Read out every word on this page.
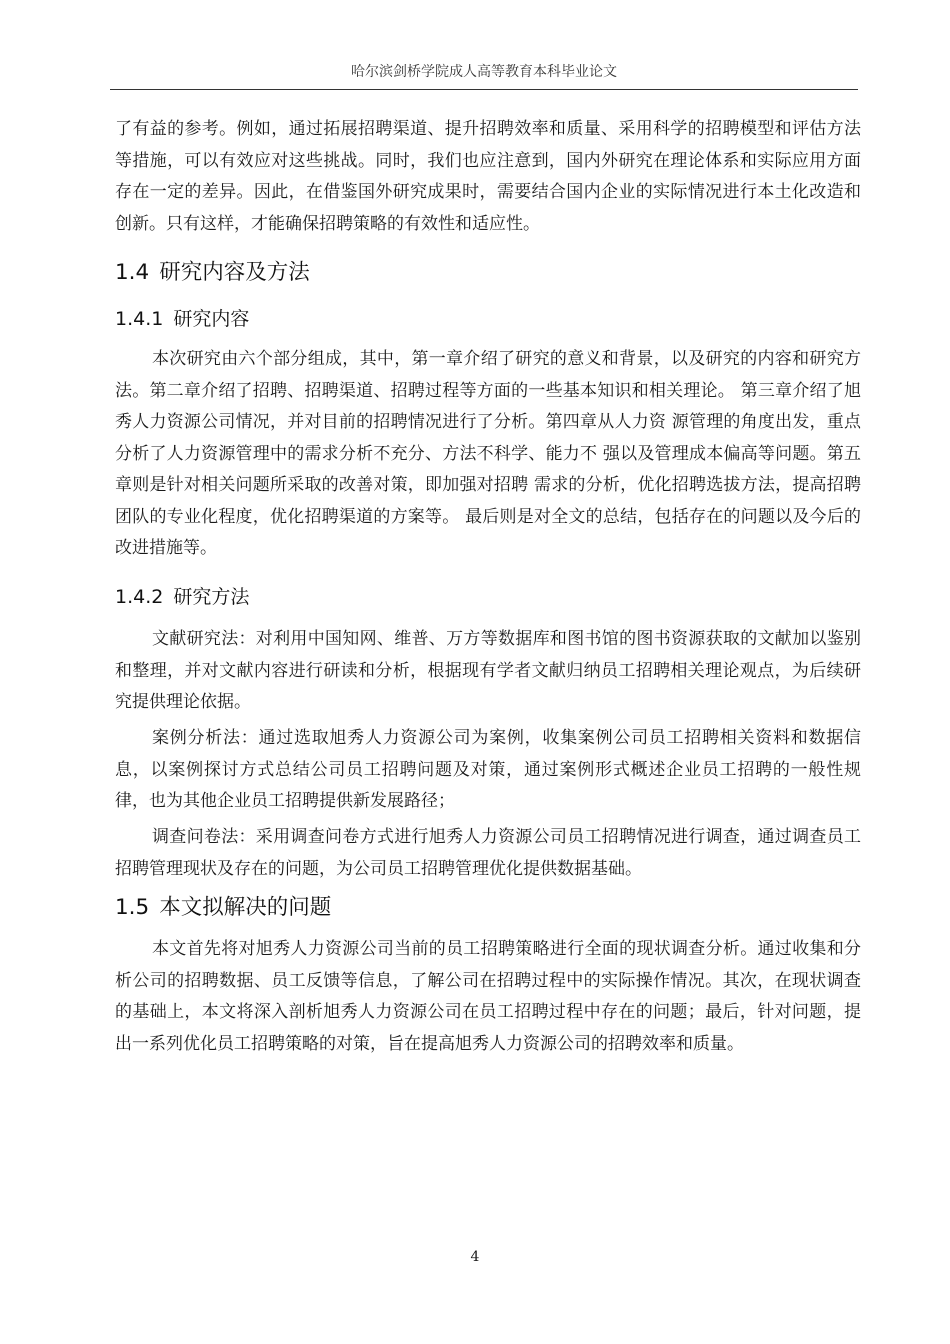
哈尔滨剑桥学院成人高等教育本科毕业论文

了有益的参考。例如，通过拓展招聘渠道、提升招聘效率和质量、采用科学的招聘模型和评估方法等措施，可以有效应对这些挑战。同时，我们也应注意到，国内外研究在理论体系和实际应用方面存在一定的差异。因此，在借鉴国外研究成果时，需要结合国内企业的实际情况进行本土化改造和创新。只有这样，才能确保招聘策略的有效性和适应性。

1.4 研究内容及方法
1.4.1 研究内容

本次研究由六个部分组成，其中，第一章介绍了研究的意义和背景，以及研究的内容和研究方法。第二章介绍了招聘、招聘渠道、招聘过程等方面的一些基本知识和相关理论。 第三章介绍了旭秀人力资源公司情况，并对目前的招聘情况进行了分析。第四章从人力资 源管理的角度出发，重点分析了人力资源管理中的需求分析不充分、方法不科学、能力不 强以及管理成本偏高等问题。第五章则是针对相关问题所采取的改善对策，即加强对招聘 需求的分析，优化招聘选拔方法，提高招聘团队的专业化程度，优化招聘渠道的方案等。 最后则是对全文的总结，包括存在的问题以及今后的改进措施等。

1.4.2 研究方法

文献研究法：对利用中国知网、维普、万方等数据库和图书馆的图书资源获取的文献加以鉴别和整理，并对文献内容进行研读和分析，根据现有学者文献归纳员工招聘相关理论观点，为后续研究提供理论依据。

案例分析法：通过选取旭秀人力资源公司为案例，收集案例公司员工招聘相关资料和数据信息，以案例探讨方式总结公司员工招聘问题及对策，通过案例形式概述企业员工招聘的一般性规律，也为其他企业员工招聘提供新发展路径；

调查问卷法：采用调查问卷方式进行旭秀人力资源公司员工招聘情况进行调查，通过调查员工招聘管理现状及存在的问题，为公司员工招聘管理优化提供数据基础。

1.5 本文拟解决的问题

本文首先将对旭秀人力资源公司当前的员工招聘策略进行全面的现状调查分析。通过收集和分析公司的招聘数据、员工反馈等信息，了解公司在招聘过程中的实际操作情况。其次，在现状调查的基础上，本文将深入剖析旭秀人力资源公司在员工招聘过程中存在的问题；最后，针对问题，提出一系列优化员工招聘策略的对策，旨在提高旭秀人力资源公司的招聘效率和质量。

4
